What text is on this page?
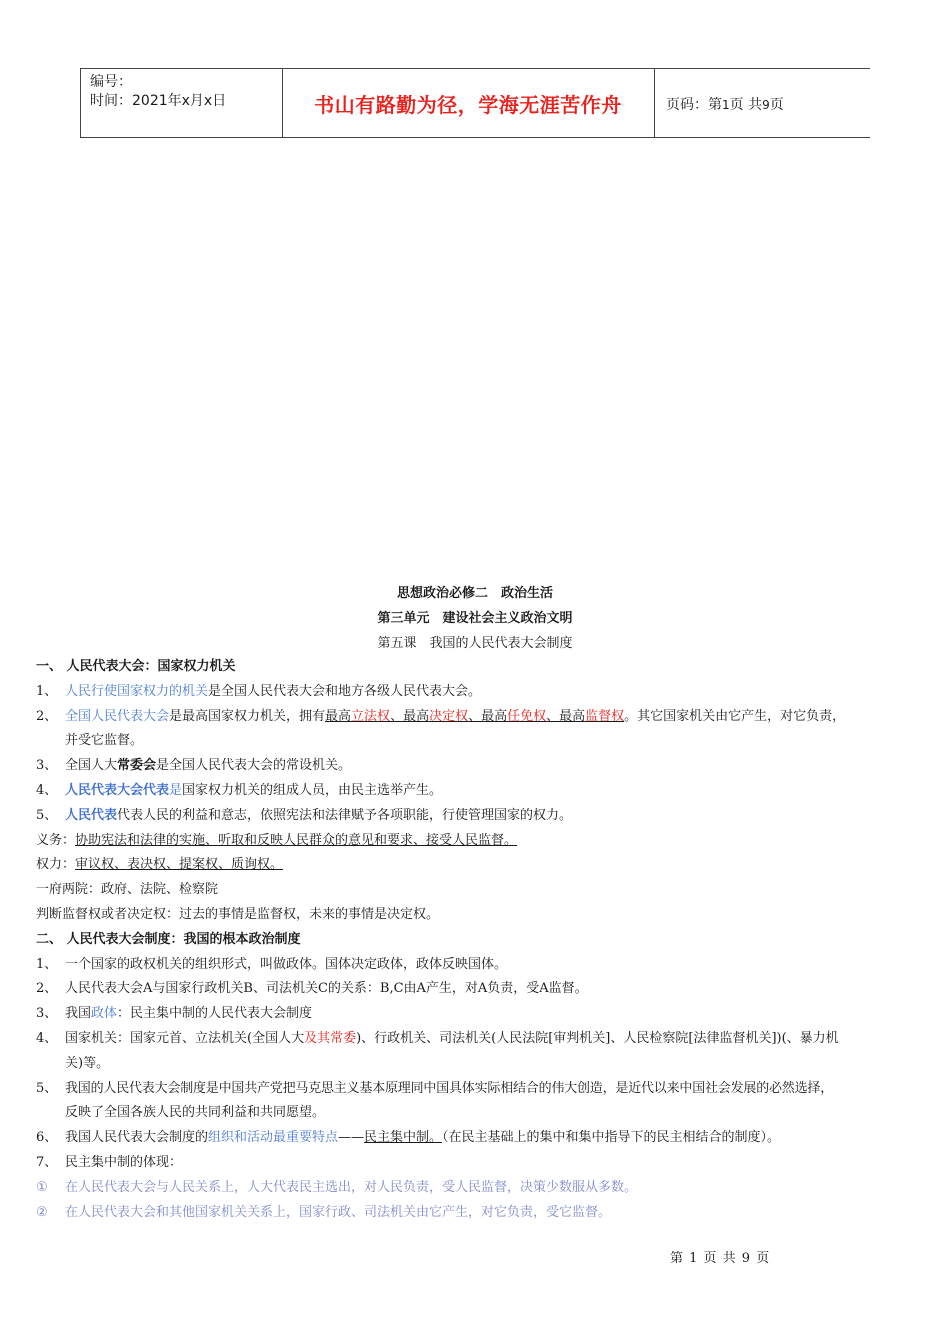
编号：
时间：2021年x月x日	书山有路勤为径，学海无涯苦作舟	页码：第1页 共9页
思想政治必修二　政治生活
第三单元　建设社会主义政治文明
第五课　我国的人民代表大会制度
一、 人民代表大会：国家权力机关
1、 人民行使国家权力的机关是全国人民代表大会和地方各级人民代表大会。
2、 全国人民代表大会是最高国家权力机关，拥有最高立法权、最高决定权、最高任免权、最高监督权。其它国家机关由它产生，对它负责，
并受它监督。
3、 全国人大常委会是全国人民代表大会的常设机关。
4、 人民代表大会代表是国家权力机关的组成人员，由民主选举产生。
5、 人民代表代表人民的利益和意志，依照宪法和法律赋予各项职能，行使管理国家的权力。
义务：协助宪法和法律的实施、听取和反映人民群众的意见和要求、接受人民监督。
权力：审议权、表决权、提案权、质询权。
一府两院：政府、法院、检察院
判断监督权或者决定权：过去的事情是监督权，未来的事情是决定权。
二、 人民代表大会制度：我国的根本政治制度
1、 一个国家的政权机关的组织形式，叫做政体。国体决定政体，政体反映国体。
2、 人民代表大会A与国家行政机关B、司法机关C的关系：B,C由A产生，对A负责，受A监督。
3、 我国政体：民主集中制的人民代表大会制度
4、 国家机关：国家元首、立法机关(全国人大及其常委)、行政机关、司法机关(人民法院[审判机关]、人民检察院[法律监督机关])(、暴力机
关)等。
5、 我国的人民代表大会制度是中国共产党把马克思主义基本原理同中国具体实际相结合的伟大创造，是近代以来中国社会发展的必然选择，
反映了全国各族人民的共同利益和共同愿望。
6、 我国人民代表大会制度的组织和活动最重要特点——民主集中制。（在民主基础上的集中和集中指导下的民主相结合的制度）。
7、 民主集中制的体现：
① 在人民代表大会与人民关系上，人大代表民主选出，对人民负责，受人民监督，决策少数服从多数。
② 在人民代表大会和其他国家机关关系上，国家行政、司法机关由它产生，对它负责，受它监督。
第 1 页 共 9 页
